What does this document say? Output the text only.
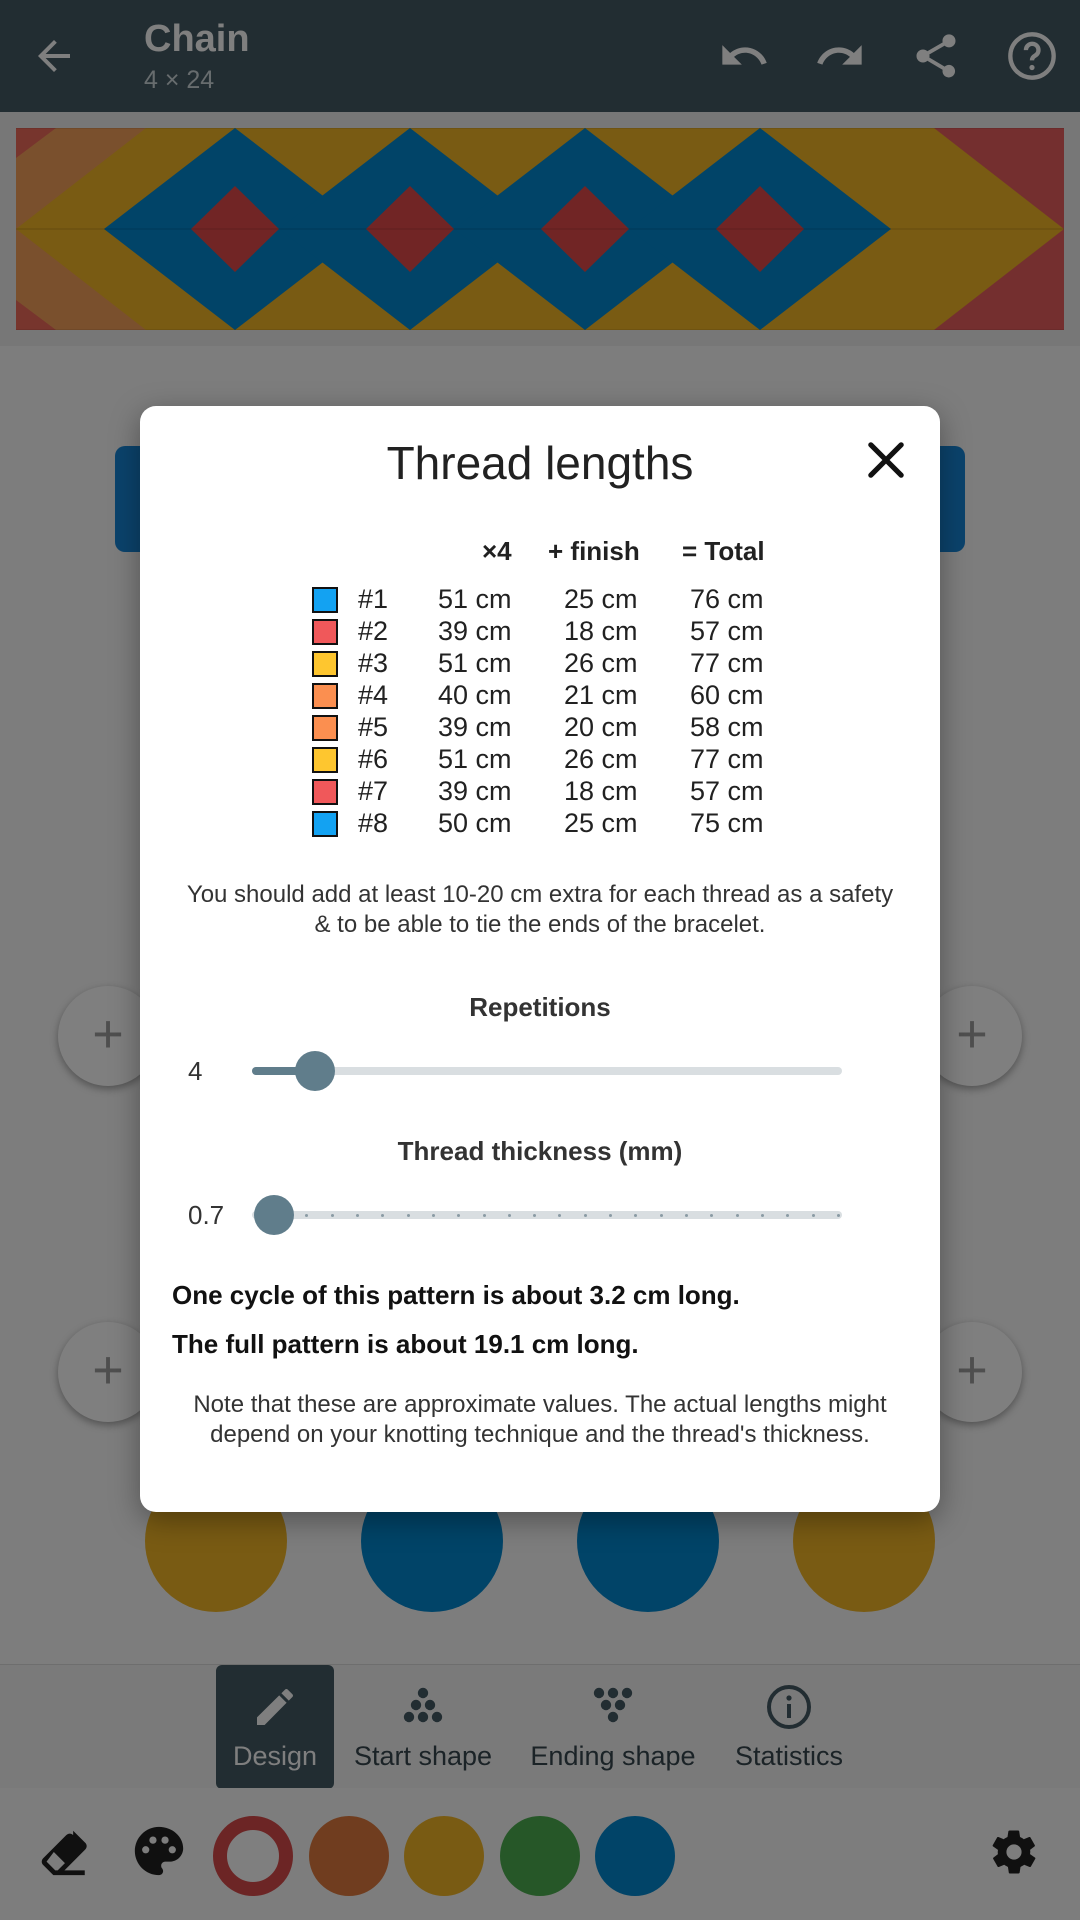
Thread lengths
×4 + finish = Total
#1 51 cm 25 cm 76 cm
#2 39 cm 18 cm 57 cm
#3 51 cm 26 cm 77 cm
#4 40 cm 21 cm 60 cm
#5 39 cm 20 cm 58 cm
#6 51 cm 26 cm 77 cm
#7 39 cm 18 cm 57 cm
#8 50 cm 25 cm 75 cm
You should add at least 10-20 cm extra for each thread as a safety & to be able to tie the ends of the bracelet.
Repetitions
4
Thread thickness (mm)
0.7
One cycle of this pattern is about 3.2 cm long.
The full pattern is about 19.1 cm long.
Note that these are approximate values. The actual lengths might depend on your knotting technique and the thread's thickness.
